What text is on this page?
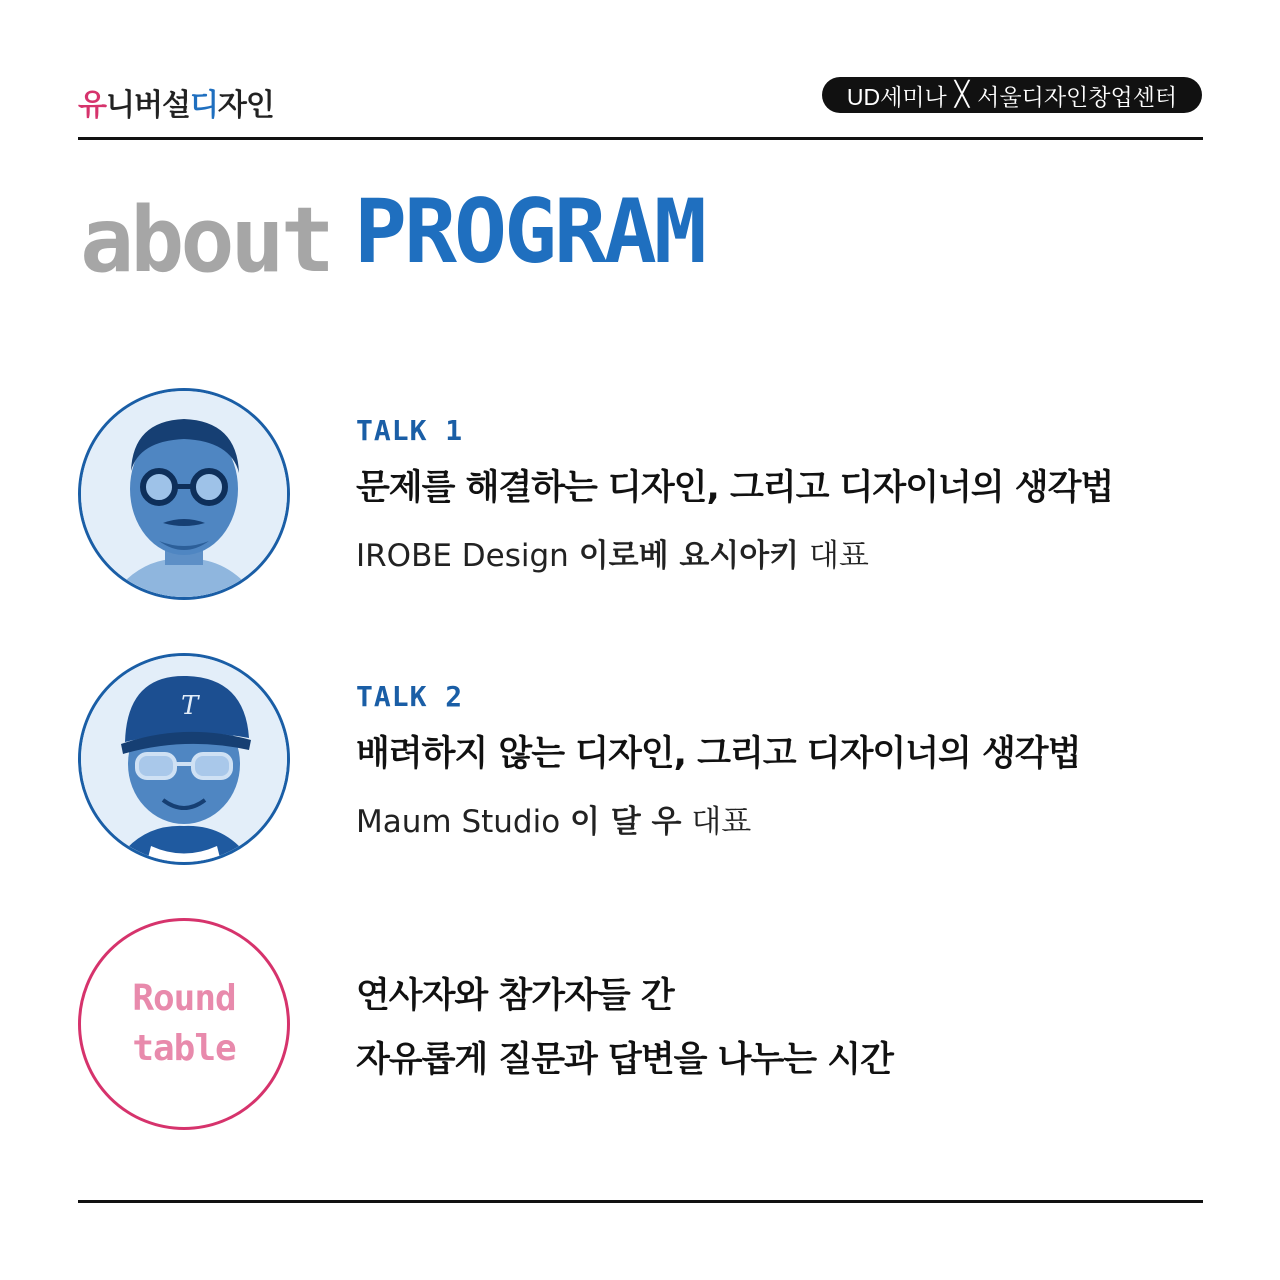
유 니 버 설 디 자 인	UD세미나 ╳ 서울디자인창업센터
about PROGRAM
TALK 1
문제를 해결하는 디자인, 그리고 디자이너의 생각법
IROBE Design 이로베 요시아키 대표
T	TALK 2
배려하지 않는 디자인, 그리고 디자이너의 생각법
Maum Studio 이 달 우 대표
Round
table
연사자와 참가자들 간
자유롭게 질문과 답변을 나누는 시간
